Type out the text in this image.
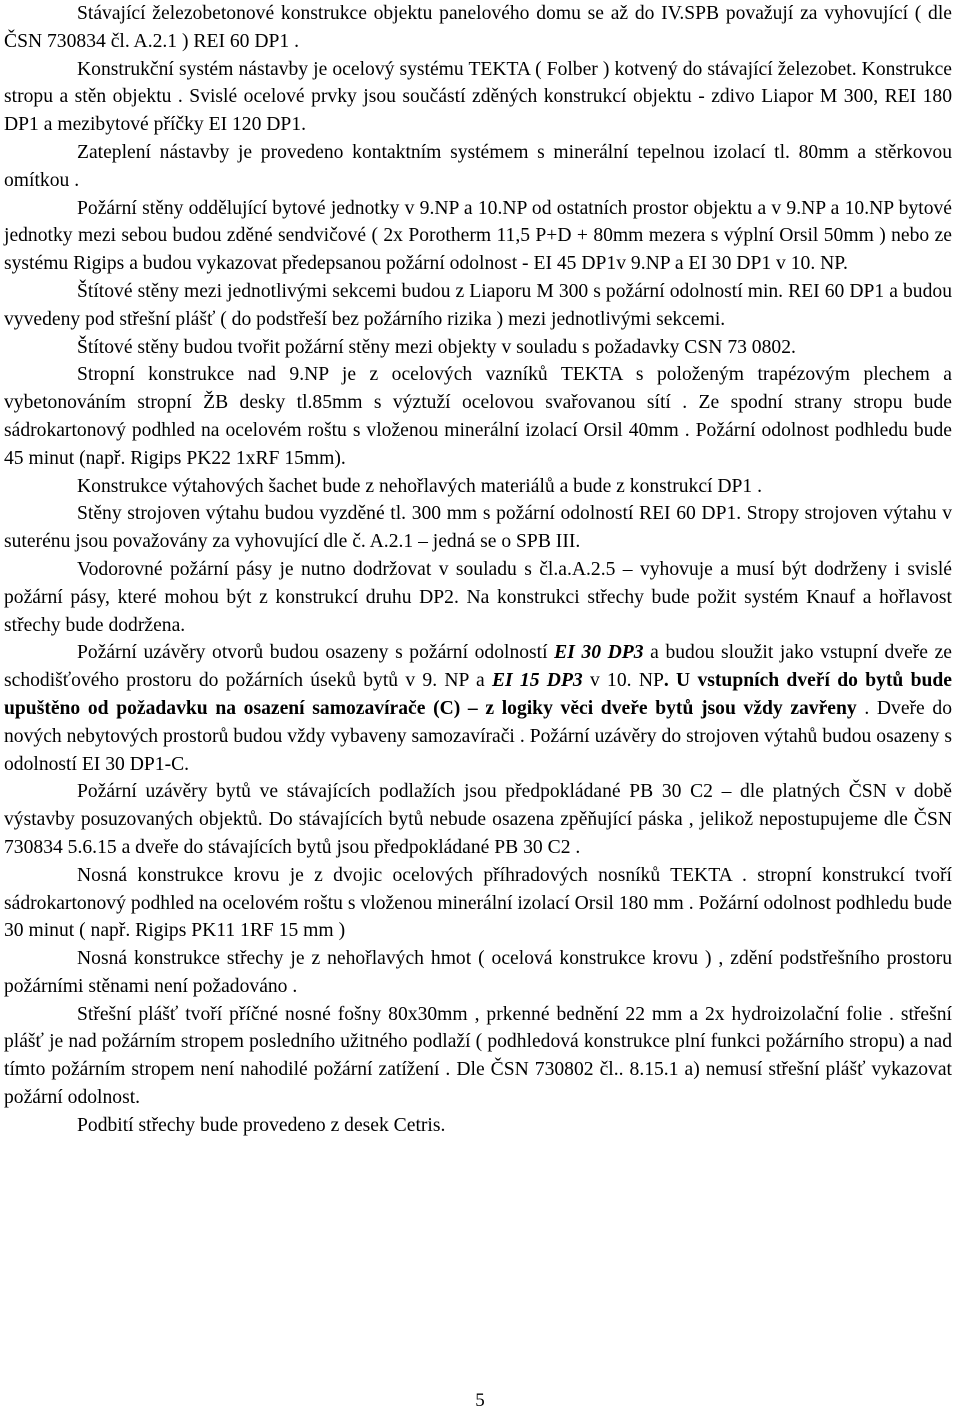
Stávající železobetonové konstrukce objektu panelového domu se až do IV.SPB považují za vyhovující ( dle ČSN 730834 čl. A.2.1 ) REI 60 DP1 .

Konstrukční systém nástavby je ocelový systému TEKTA ( Folber ) kotvený do stávající železobet. Konstrukce stropu a stěn objektu . Svislé ocelové prvky jsou součástí zděných konstrukcí objektu - zdivo Liapor M 300, REI 180 DP1 a mezibytové příčky EI 120 DP1.

Zateplení nástavby je provedeno kontaktním systémem s minerální tepelnou izolací tl. 80mm a stěrkovou omítkou .

Požární stěny oddělující bytové jednotky v 9.NP a 10.NP od ostatních prostor objektu a v 9.NP a 10.NP bytové jednotky mezi sebou budou zděné sendvičové ( 2x Porotherm 11,5 P+D + 80mm mezera s výplní Orsil 50mm ) nebo ze systému Rigips a budou vykazovat předepsanou požární odolnost - EI 45 DP1v 9.NP a EI 30 DP1 v 10. NP.

Štítové stěny mezi jednotlivými sekcemi budou z Liaporu M 300 s požární odolností min. REI 60 DP1 a budou vyvedeny pod střešní plášť ( do podstřeší bez požárního rizika ) mezi jednotlivými sekcemi.

Štítové stěny budou tvořit požární stěny mezi objekty v souladu s požadavky CSN 73 0802.

Stropní konstrukce nad 9.NP je z ocelových vazníků TEKTA s položeným trapézovým plechem a vybetonováním stropní ŽB desky tl.85mm s výztuží ocelovou svařovanou sítí . Ze spodní strany stropu bude sádrokartonový podhled na ocelovém roštu s vloženou minerální izolací Orsil 40mm . Požární odolnost podhledu bude 45 minut (např. Rigips PK22 1xRF 15mm).

Konstrukce výtahových šachet bude z nehořlavých materiálů a bude z konstrukcí DP1 .

Stěny strojoven výtahu budou vyzděné tl. 300 mm s požární odolností REI 60 DP1. Stropy strojoven výtahu v suterénu jsou považovány za vyhovující dle č. A.2.1 – jedná se o SPB III.

Vodorovné požární pásy je nutno dodržovat v souladu s čl.a.A.2.5 – vyhovuje a musí být dodrženy i svislé požární pásy, které mohou být z konstrukcí druhu DP2. Na konstrukci střechy bude požit systém Knauf a hořlavost střechy bude dodržena.

Požární uzávěry otvorů budou osazeny s požární odolností EI 30 DP3 a budou sloužit jako vstupní dveře ze schodišťového prostoru do požárních úseků bytů v 9. NP a EI 15 DP3 v 10. NP. U vstupních dveří do bytů bude upuštěno od požadavku na osazení samozavírače (C) – z logiky věci dveře bytů jsou vždy zavřeny . Dveře do nových nebytových prostorů budou vždy vybaveny samozavírači . Požární uzávěry do strojoven výtahů budou osazeny s odolností EI 30 DP1-C.

Požární uzávěry bytů ve stávajících podlažích jsou předpokládané PB 30 C2 – dle platných ČSN v době výstavby posuzovaných objektů. Do stávajících bytů nebude osazena zpěňující páska , jelikož nepostupujeme dle ČSN 730834 5.6.15 a dveře do stávajících bytů jsou předpokládané PB 30 C2 .

Nosná konstrukce krovu je z dvojic ocelových příhradových nosníků TEKTA . stropní konstrukcí tvoří sádrokartonový podhled na ocelovém roštu s vloženou minerální izolací Orsil 180 mm . Požární odolnost podhledu bude 30 minut ( např. Rigips PK11 1RF 15 mm )

Nosná konstrukce střechy je z nehořlavých hmot ( ocelová konstrukce krovu ) , zdění podstřešního prostoru požárními stěnami není požadováno .

Střešní plášť tvoří příčné nosné fošny 80x30mm , prkenné bednění 22 mm a 2x hydroizolační folie . střešní plášť je nad požárním stropem posledního užitného podlaží ( podhledová konstrukce plní funkci požárního stropu) a nad tímto požárním stropem není nahodilé požární zatížení . Dle ČSN 730802 čl.. 8.15.1 a) nemusí střešní plášť vykazovat požární odolnost.

Podbití střechy bude provedeno z desek Cetris.

5
